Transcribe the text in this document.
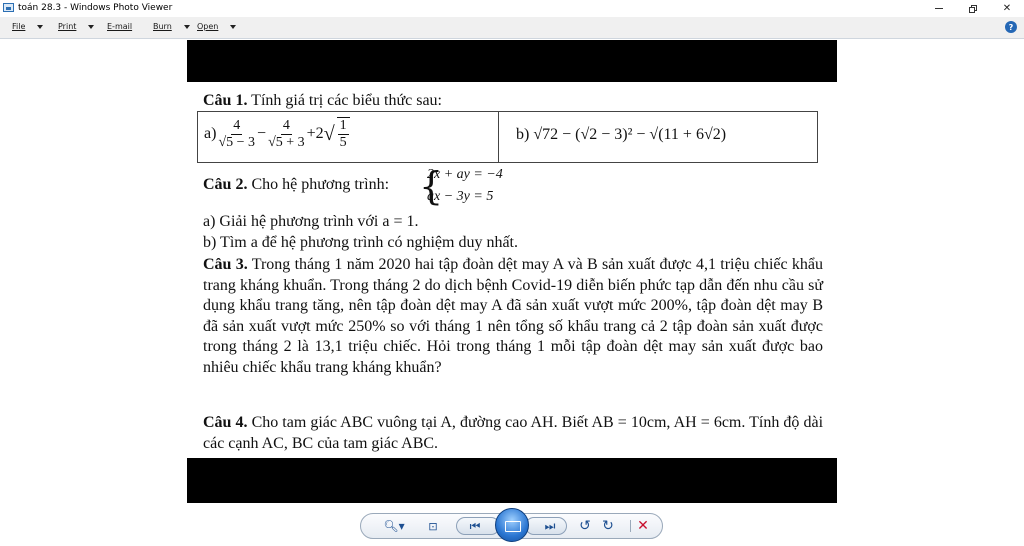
toán 28.3 - Windows Photo Viewer	✕
File	Print	E-mail	Burn	Open	?
Câu 1. Tính giá trị các biểu thức sau:
$a) \frac{4}{√5 - 3} - \frac{4}{√5 + 3} +2$ √ $\frac{1}{5}$	b) √72 − (√2 − 3)² − √(11 + 6√2)
Câu 2. Cho hệ phương trình: {
2x + ay = −4
ax − 3y = 5
a) Giải hệ phương trình với a = 1.
b) Tìm a để hệ phương trình có nghiệm duy nhất.
Câu 3. Trong tháng 1 năm 2020 hai tập đoàn dệt may A và B sản xuất được 4,1 triệu chiếc khẩu trang kháng khuẩn. Trong tháng 2 do dịch bệnh Covid-19 diễn biến phức tạp dẫn đến nhu cầu sử dụng khẩu trang tăng, nên tập đoàn dệt may A đã sản xuất vượt mức 200%, tập đoàn dệt may B đã sản xuất vượt mức 250% so với tháng 1 nên tổng số khẩu trang cả 2 tập đoàn sản xuất được trong tháng 2 là 13,1 triệu chiếc. Hỏi trong tháng 1 mỗi tập đoàn dệt may sản xuất được bao nhiêu chiếc khẩu trang kháng khuẩn?
Câu 4. Cho tam giác ABC vuông tại A, đường cao AH. Biết AB = 10cm, AH = 6cm. Tính độ dài các cạnh AC, BC của tam giác ABC.
🔍︎▾ ⊡	⏮	⏭ ↺ ↻ ✕
